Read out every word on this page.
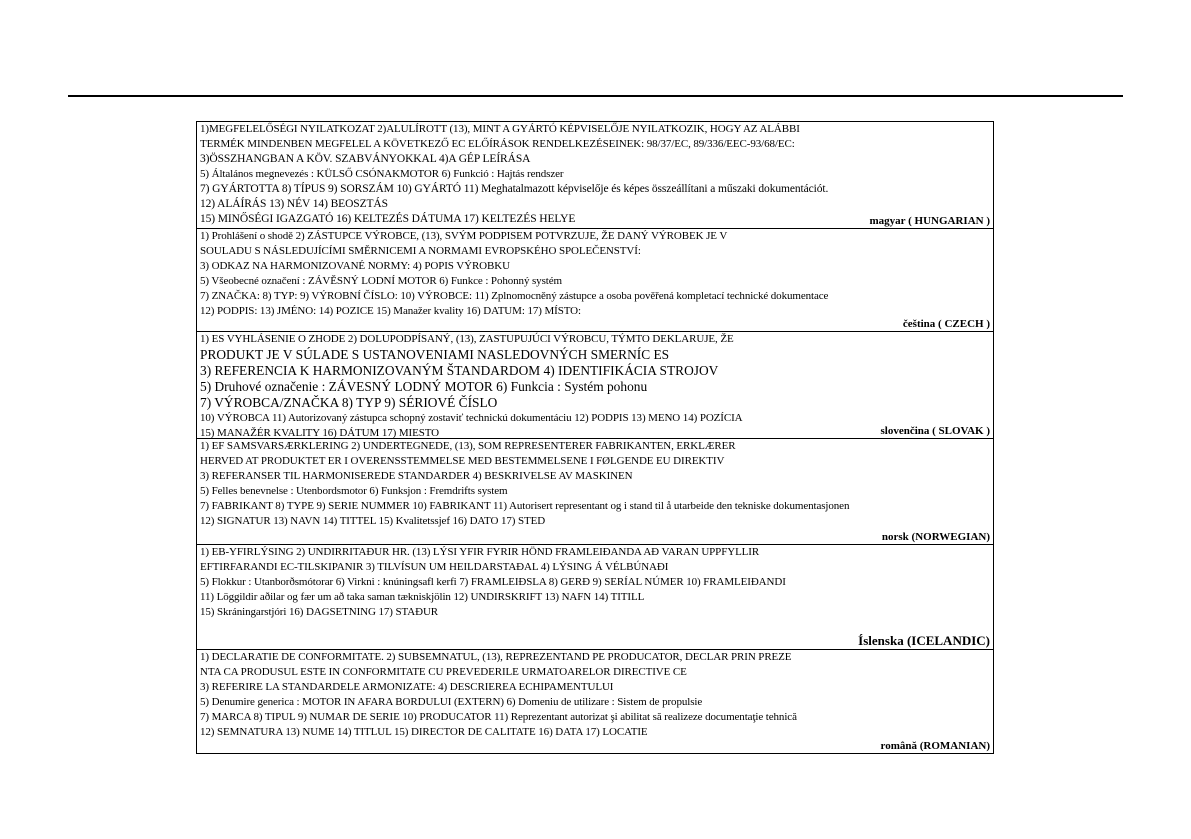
1)MEGFELELŐSÉGI NYILATKOZAT 2)ALULÍROTT (13), MINT A GYÁRTÓ KÉPVISELŐJE NYILATKOZIK, HOGY AZ ALÁBBI
TERMÉK MINDENBEN MEGFELEL A KÖVETKEZŐ EC ELŐÍRÁSOK RENDELKEZÉSEINEK: 98/37/EC, 89/336/EEC-93/68/EC:
3)ÖSSZHANGBAN A KÖV. SZABVÁNYOKKAL 4)A GÉP LEÍRÁSA
5) Általános megnevezés : KÜLSŐ CSÓNAKMOTOR 6) Funkció : Hajtás rendszer
7) GYÁRTOTTA 8) TÍPUS 9) SORSZÁM 10) GYÁRTÓ 11) Meghatalmazott képviselője és képes összeállítani a műszaki dokumentációt.
12) ALÁÍRÁS 13) NÉV 14) BEOSZTÁS
15) MINŐSÉGI IGAZGATÓ 16) KELTEZÉS DÁTUMA 17) KELTEZÉS HELYE	magyar ( HUNGARIAN )
1) Prohlášení o shodě 2) ZÁSTUPCE VÝROBCE, (13), SVÝM PODPISEM POTVRZUJE, ŽE DANÝ VÝROBEK JE V
SOULADU S NÁSLEDUJÍCÍMI SMĚRNICEMI A NORMAMI EVROPSKÉHO SPOLEČENSTVÍ:
3) ODKAZ NA HARMONIZOVANÉ NORMY: 4) POPIS VÝROBKU
5) Všeobecné označení : ZÁVĚSNÝ LODNÍ MOTOR 6) Funkce : Pohonný systém
7) ZNAČKA: 8) TYP: 9) VÝROBNÍ ČÍSLO: 10) VÝROBCE: 11) Zplnomocněný zástupce a osoba pověřená kompletací technické dokumentace
12) PODPIS: 13) JMÉNO: 14) POZICE 15) Manažer kvality 16) DATUM: 17) MÍSTO:
čeština ( CZECH )
1) ES VYHLÁSENIE O ZHODE 2) DOLUPODPÍSANÝ, (13), ZASTUPUJÚCI VÝROBCU, TÝMTO DEKLARUJE, ŽE
PRODUKT JE V SÚLADE S USTANOVENIAMI NASLEDOVNÝCH SMERNÍC ES
3) REFERENCIA K HARMONIZOVANÝM ŠTANDARDOM 4) IDENTIFIKÁCIA STROJOV
5) Druhové označenie : ZÁVESNÝ LODNÝ MOTOR 6) Funkcia : Systém pohonu
7) VÝROBCA/ZNAČKA 8) TYP 9) SÉRIOVÉ ČÍSLO
10) VÝROBCA 11) Autorizovaný zástupca schopný zostaviť technickú dokumentáciu 12) PODPIS 13) MENO 14) POZÍCIA
15) MANAŽÉR KVALITY 16) DÁTUM 17) MIESTO	slovenčina ( SLOVAK )
1) EF SAMSVARSÆRKLERING 2) UNDERTEGNEDE, (13), SOM REPRESENTERER FABRIKANTEN, ERKLÆRER
HERVED AT PRODUKTET ER I OVERENSSTEMMELSE MED BESTEMMELSENE I FØLGENDE EU DIREKTIV
3) REFERANSER TIL HARMONISEREDE STANDARDER 4) BESKRIVELSE AV MASKINEN
5) Felles benevnelse : Utenbordsmotor 6) Funksjon : Fremdrifts system
7) FABRIKANT 8) TYPE 9) SERIE NUMMER 10) FABRIKANT 11) Autorisert representant og i stand til å utarbeide den tekniske dokumentasjonen
12) SIGNATUR 13) NAVN 14) TITTEL 15) Kvalitetssjef 16) DATO 17) STED
norsk (NORWEGIAN)
1) EB-YFIRLÝSING 2) UNDIRRITAÐUR HR. (13) LÝSI YFIR FYRIR HÖND FRAMLEIÐANDA AÐ VARAN UPPFYLLIR
EFTIRFARANDI EC-TILSKIPANIR 3) TILVÍSUN UM HEILDARSTAÐAL 4) LÝSING Á VÉLBÚNAÐI
5) Flokkur : Utanborðsmótorar 6) Virkni : knúningsafl kerfi 7) FRAMLEIÐSLA 8) GERÐ 9) SERÍAL NÚMER 10) FRAMLEIÐANDI
11) Löggildir aðilar og fær um að taka saman tækniskjölin 12) UNDIRSKRIFT 13) NAFN 14) TITILL
15) Skráningarstjóri 16) DAGSETNING 17) STAÐUR
Íslenska (ICELANDIC)
1) DECLARATIE DE CONFORMITATE. 2) SUBSEMNATUL, (13), REPREZENTAND PE PRODUCATOR, DECLAR PRIN PREZE
NTA CA PRODUSUL ESTE IN CONFORMITATE CU PREVEDERILE URMATOARELOR DIRECTIVE CE
3) REFERIRE LA STANDARDELE ARMONIZATE: 4) DESCRIEREA ECHIPAMENTULUI
5) Denumire generica : MOTOR IN AFARA BORDULUI (EXTERN) 6) Domeniu de utilizare : Sistem de propulsie
7) MARCA 8) TIPUL 9) NUMAR DE SERIE 10) PRODUCATOR 11) Reprezentant autorizat şi abilitat să realizeze documentaţie tehnică
12) SEMNATURA 13) NUME 14) TITLUL 15) DIRECTOR DE CALITATE 16) DATA 17) LOCATIE
română (ROMANIAN)
